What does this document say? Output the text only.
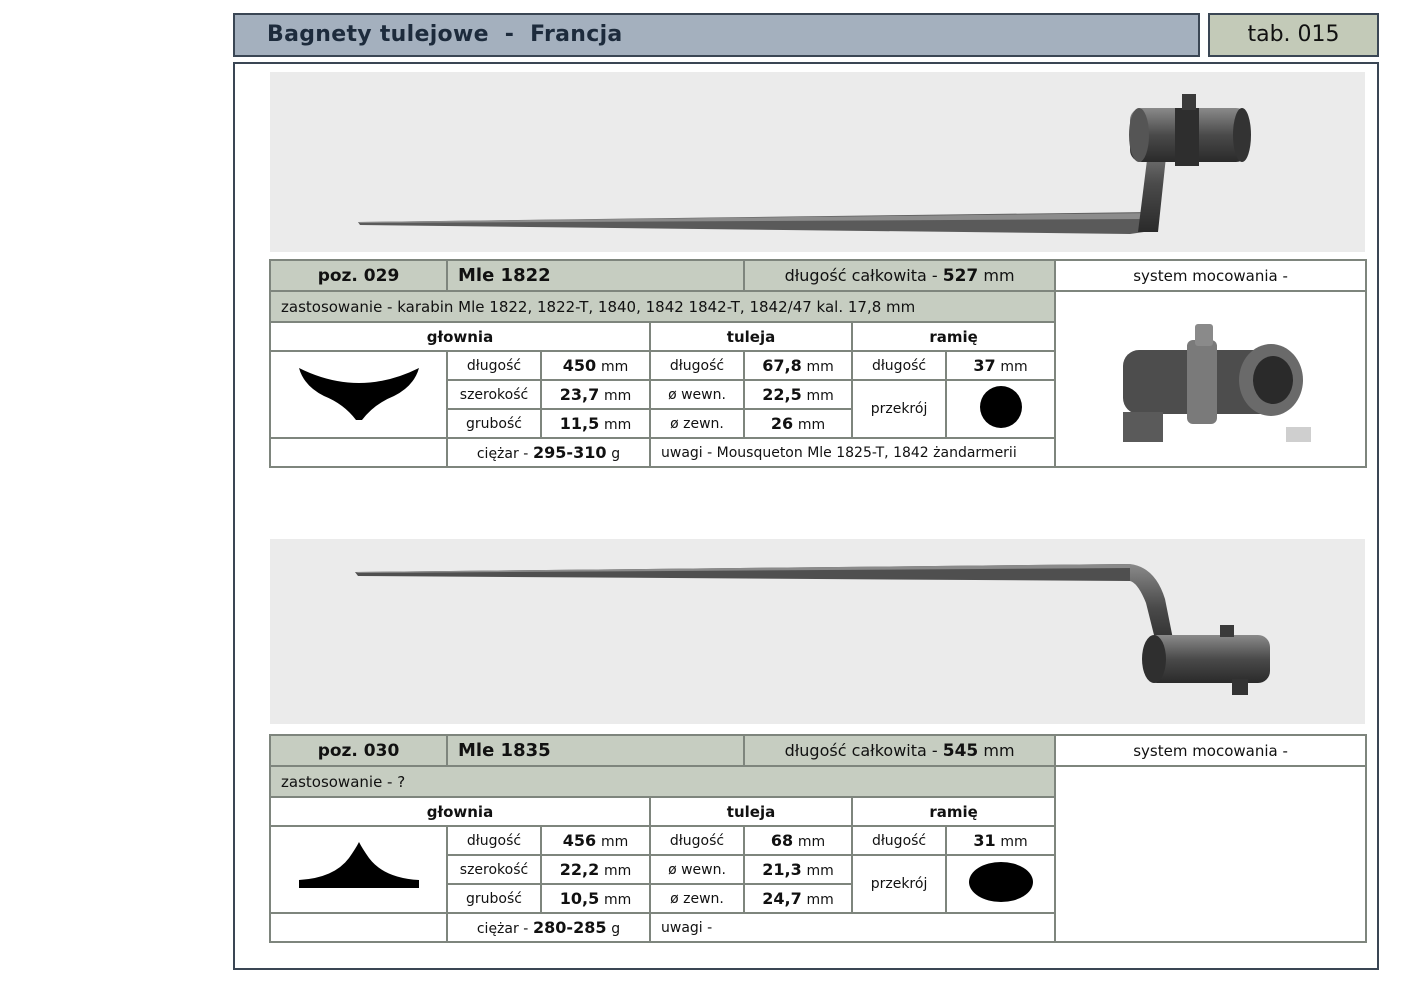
Bagnety tulejowe  -  Francja	tab. 015
poz. 029	Mle 1822			długość całkowita - 527 mm			system mocowania -
zastosowanie - karabin Mle 1822, 1822-T, 1840, 1842 1842-T, 1842/47 kal. 17,8 mm	
głownia			tuleja		ramię		
	długość	450 mm	długość	67,8 mm	długość	37 mm	
	szerokość	23,7 mm	ø wewn.	22,5 mm	przekrój	
	grubość	11,5 mm	ø zewn.	26 mm			
	ciężar - 295-310 g		uwagi - Mousqueton Mle 1825-T, 1842 żandarmerii				
poz. 030	Mle 1835			długość całkowita - 545 mm			system mocowania -
zastosowanie - ?							
głownia			tuleja		ramię		
	długość	456 mm	długość	68 mm	długość	31 mm	
	szerokość	22,2 mm	ø wewn.	21,3 mm	przekrój	
	grubość	10,5 mm	ø zewn.	24,7 mm			
	ciężar - 280-285 g		uwagi -				
